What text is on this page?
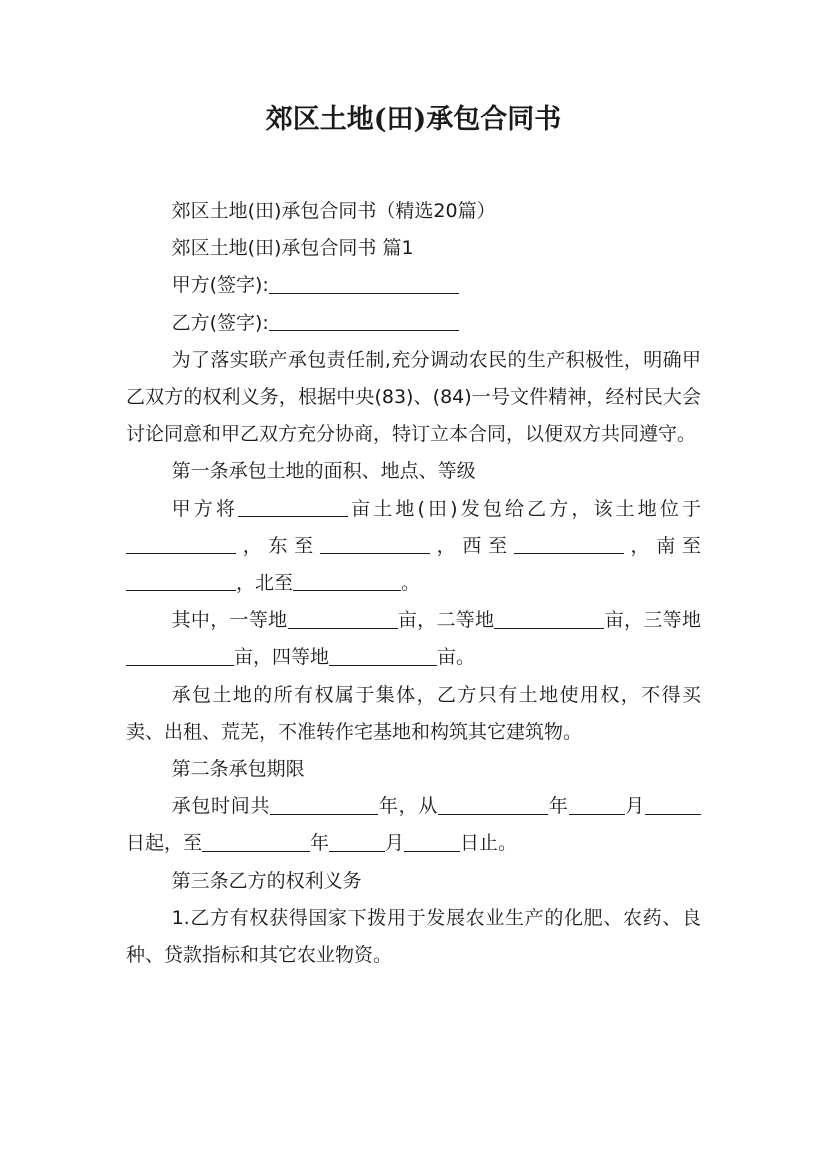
郊区土地(田)承包合同书

郊区土地(田)承包合同书（精选20篇）

郊区土地(田)承包合同书 篇1

甲方(签字):

乙方(签字):

为了落实联产承包责任制,充分调动农民的生产积极性，明确甲乙双方的权利义务，根据中央(83)、(84)一号文件精神，经村民大会讨论同意和甲乙双方充分协商，特订立本合同，以便双方共同遵守。

第一条承包土地的面积、地点、等级

甲方将	亩土地(田)发包给乙方，该土地位于，东至	，西至	，南至，北至	。

其中，一等地	亩，二等地	亩，三等地亩，四等地	亩。

承包土地的所有权属于集体，乙方只有土地使用权，不得买卖、出租、荒芜，不准转作宅基地和构筑其它建筑物。

第二条承包期限

承包时间共	年，从	年	月日起，至	年	月	日止。

第三条乙方的权利义务

1.乙方有权获得国家下拨用于发展农业生产的化肥、农药、良种、贷款指标和其它农业物资。
